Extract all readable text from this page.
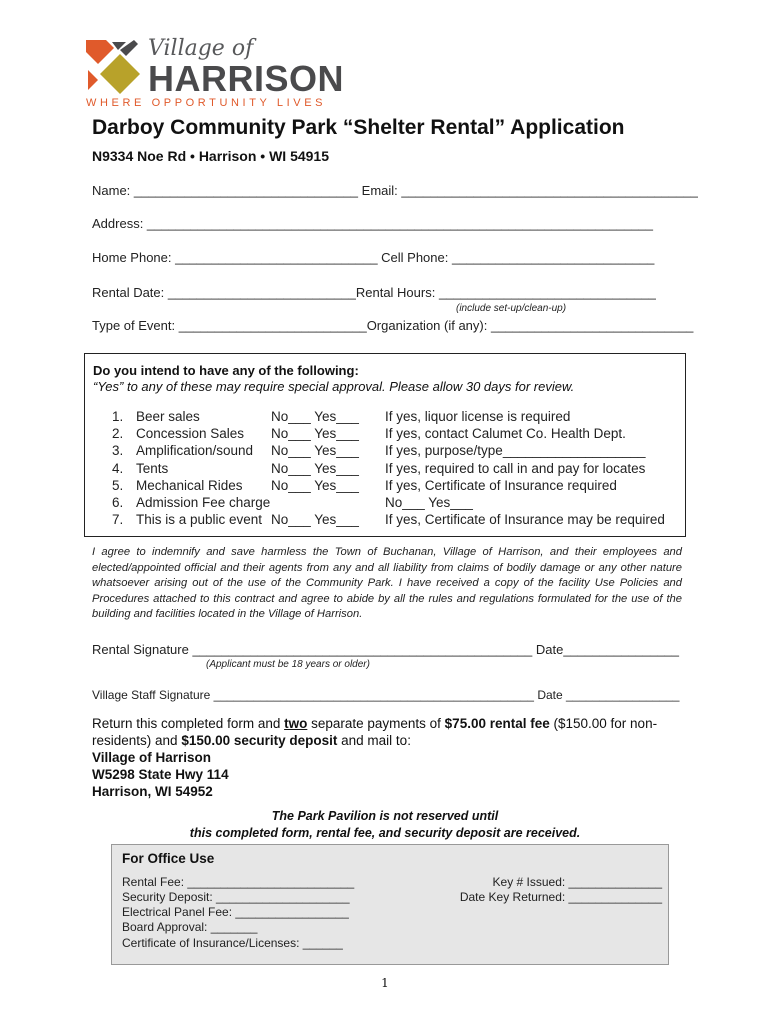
Village of
HARRISON
WHERE OPPORTUNITY LIVES
Darboy Community Park “Shelter Rental” Application
N9334 Noe Rd • Harrison • WI 54915
Name: _______________________________ Email: _________________________________________
Address: ______________________________________________________________________
Home Phone: ____________________________ Cell Phone: ____________________________
Rental Date: __________________________Rental Hours: ______________________________
(include set-up/clean-up)
Type of Event: __________________________Organization (if any): ____________________________
Do you intend to have any of the following:
“Yes” to any of these may require special approval. Please allow 30 days for review.
1. Beer sales	No___ Yes___ If yes, liquor license is required
2. Concession Sales No___ Yes___ If yes, contact Calumet Co. Health Dept.
3. Amplification/sound No___ Yes___ If yes, purpose/type___________________
4. Tents	No___ Yes___ If yes, required to call in and pay for locates
5. Mechanical Rides No___ Yes___ If yes, Certificate of Insurance required
6. Admission Fee charge	No___ Yes___
7. This is a public event No___ Yes___ If yes, Certificate of Insurance may be required
I agree to indemnify and save harmless the Town of Buchanan, Village of Harrison, and their employees and elected/appointed official and their agents from any and all liability from claims of bodily damage or any other nature whatsoever arising out of the use of the Community Park. I have received a copy of the facility Use Policies and Procedures attached to this contract and agree to abide by all the rules and regulations formulated for the use of the building and facilities located in the Village of Harrison.
Rental Signature _______________________________________________ Date________________
(Applicant must be 18 years or older)
Village Staff Signature ________________________________________________ Date _________________
Return this completed form and two separate payments of $75.00 rental fee ($150.00 for non-residents) and $150.00 security deposit and mail to:
Village of Harrison
W5298 State Hwy 114
Harrison, WI 54952
The Park Pavilion is not reserved until
this completed form, rental fee, and security deposit are received.
For Office Use
Rental Fee: _________________________
Security Deposit: ____________________
Electrical Panel Fee: _________________
Board Approval: _______
Certificate of Insurance/Licenses: ______
Key # Issued: ______________
Date Key Returned: ______________
1
